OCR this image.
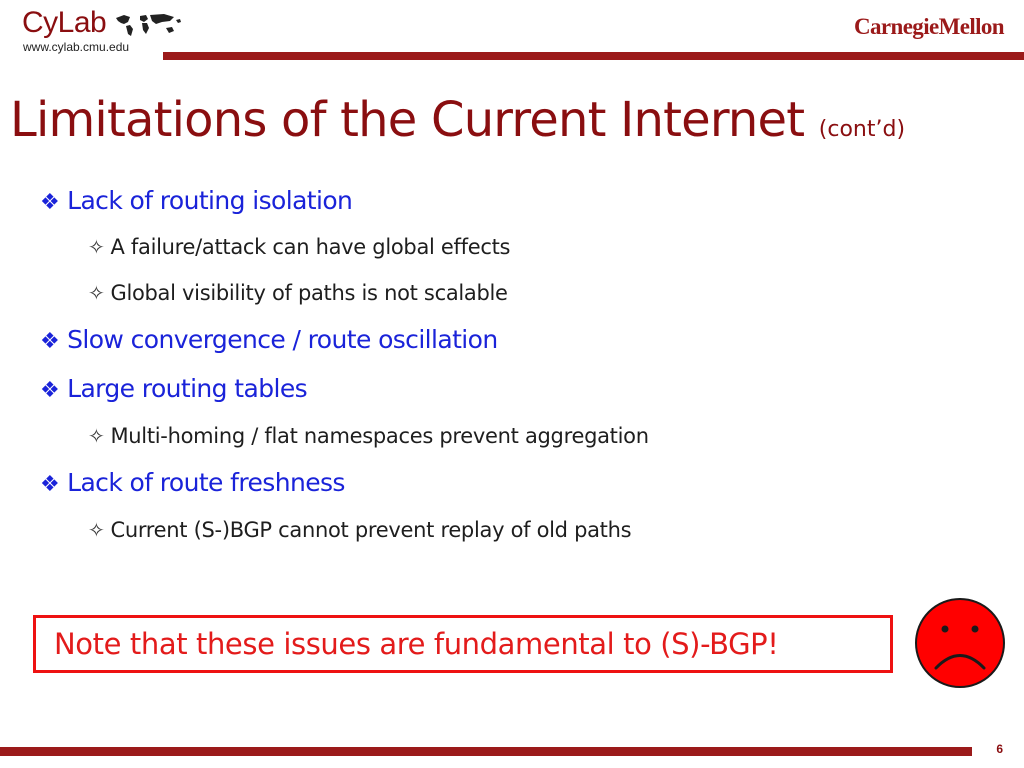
CyLab
www.cylab.cmu.edu
CarnegieMellon
Limitations of the Current Internet (cont’d)
❖ Lack of routing isolation
✧ A failure/attack can have global effects
✧ Global visibility of paths is not scalable
❖ Slow convergence / route oscillation
❖ Large routing tables
✧ Multi-homing / flat namespaces prevent aggregation
❖ Lack of route freshness
✧ Current (S-)BGP cannot prevent replay of old paths
Note that these issues are fundamental to (S)-BGP!
6
